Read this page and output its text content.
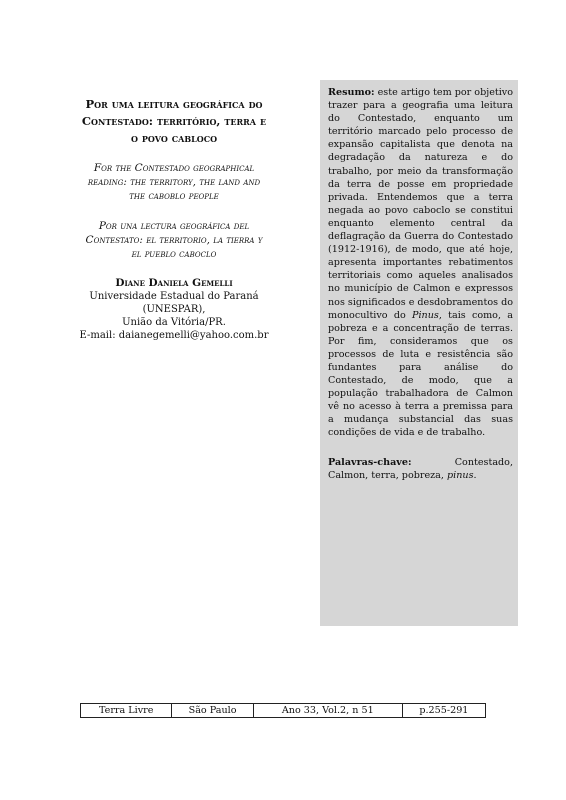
Por uma leitura geográfica do
Contestado: território, terra e
o povo cabloco
For the Contestado geographical
reading: the territory, the land and
the caboblo people
Por una lectura geográfica del
Contestato: el territorio, la tierra y
el pueblo caboclo
Diane Daniela Gemelli
Universidade Estadual do Paraná (UNESPAR),
União da Vitória/PR.
E-mail: daianegemelli@yahoo.com.br
Resumo: este artigo tem por objetivo trazer para a geografia uma leitura do Contestado, enquanto um território marcado pelo processo de expansão capitalista que denota na degradação da natureza e do trabalho, por meio da transformação da terra de posse em propriedade privada. Entendemos que a terra negada ao povo caboclo se constitui enquanto elemento central da deflagração da Guerra do Contestado (1912-1916), de modo, que até hoje, apresenta importantes rebatimentos territoriais como aqueles analisados no município de Calmon e expressos nos significados e desdobramentos do monocultivo do Pinus, tais como, a pobreza e a concentração de terras. Por fim, consideramos que os processos de luta e resistência são fundantes para análise do Contestado, de modo, que a população trabalhadora de Calmon vê no acesso à terra a premissa para a mudança substancial das suas condições de vida e de trabalho.
Palavras-chave: Contestado, Calmon, terra, pobreza, pinus.
Terra Livre	São Paulo	Ano 33, Vol.2, n 51	p.255-291
